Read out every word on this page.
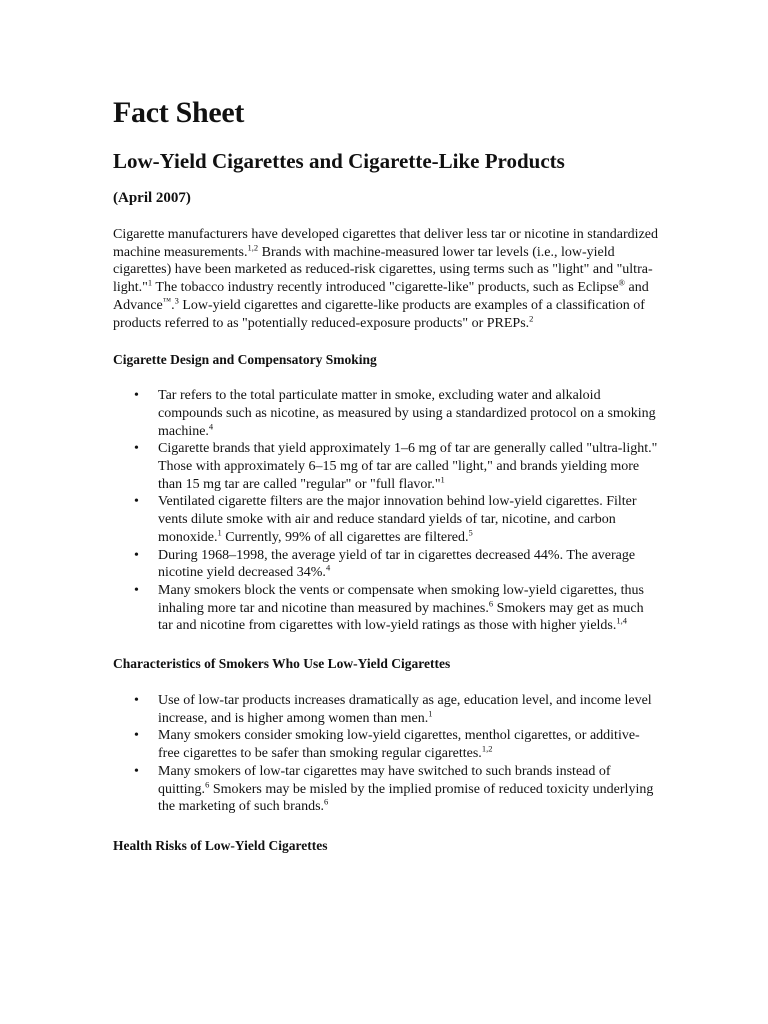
Fact Sheet
Low-Yield Cigarettes and Cigarette-Like Products
(April 2007)

Cigarette manufacturers have developed cigarettes that deliver less tar or nicotine in standardized machine measurements.$^{1,2}$ Brands with machine-measured lower tar levels (i.e., low-yield cigarettes) have been marketed as reduced-risk cigarettes, using terms such as "light" and "ultra-light."$^1$ The tobacco industry recently introduced "cigarette-like" products, such as Eclipse® and Advance™.$^3$ Low-yield cigarettes and cigarette-like products are examples of a classification of products referred to as "potentially reduced-exposure products" or PREPs.$^2$

Cigarette Design and Compensatory Smoking
• Tar refers to the total particulate matter in smoke, excluding water and alkaloid compounds such as nicotine, as measured by using a standardized protocol on a smoking machine.$^4$
• Cigarette brands that yield approximately 1–6 mg of tar are generally called "ultra-light." Those with approximately 6–15 mg of tar are called "light," and brands yielding more than 15 mg tar are called "regular" or "full flavor."$^1$
• Ventilated cigarette filters are the major innovation behind low-yield cigarettes. Filter vents dilute smoke with air and reduce standard yields of tar, nicotine, and carbon monoxide.$^1$ Currently, 99% of all cigarettes are filtered.$^5$
• During 1968–1998, the average yield of tar in cigarettes decreased 44%. The average nicotine yield decreased 34%.$^4$
• Many smokers block the vents or compensate when smoking low-yield cigarettes, thus inhaling more tar and nicotine than measured by machines.$^6$ Smokers may get as much tar and nicotine from cigarettes with low-yield ratings as those with higher yields.$^{1,4}$
Characteristics of Smokers Who Use Low-Yield Cigarettes
• Use of low-tar products increases dramatically as age, education level, and income level increase, and is higher among women than men.$^1$
• Many smokers consider smoking low-yield cigarettes, menthol cigarettes, or additive-free cigarettes to be safer than smoking regular cigarettes.$^{1,2}$
• Many smokers of low-tar cigarettes may have switched to such brands instead of quitting.$^6$ Smokers may be misled by the implied promise of reduced toxicity underlying the marketing of such brands.$^6$
Health Risks of Low-Yield Cigarettes
